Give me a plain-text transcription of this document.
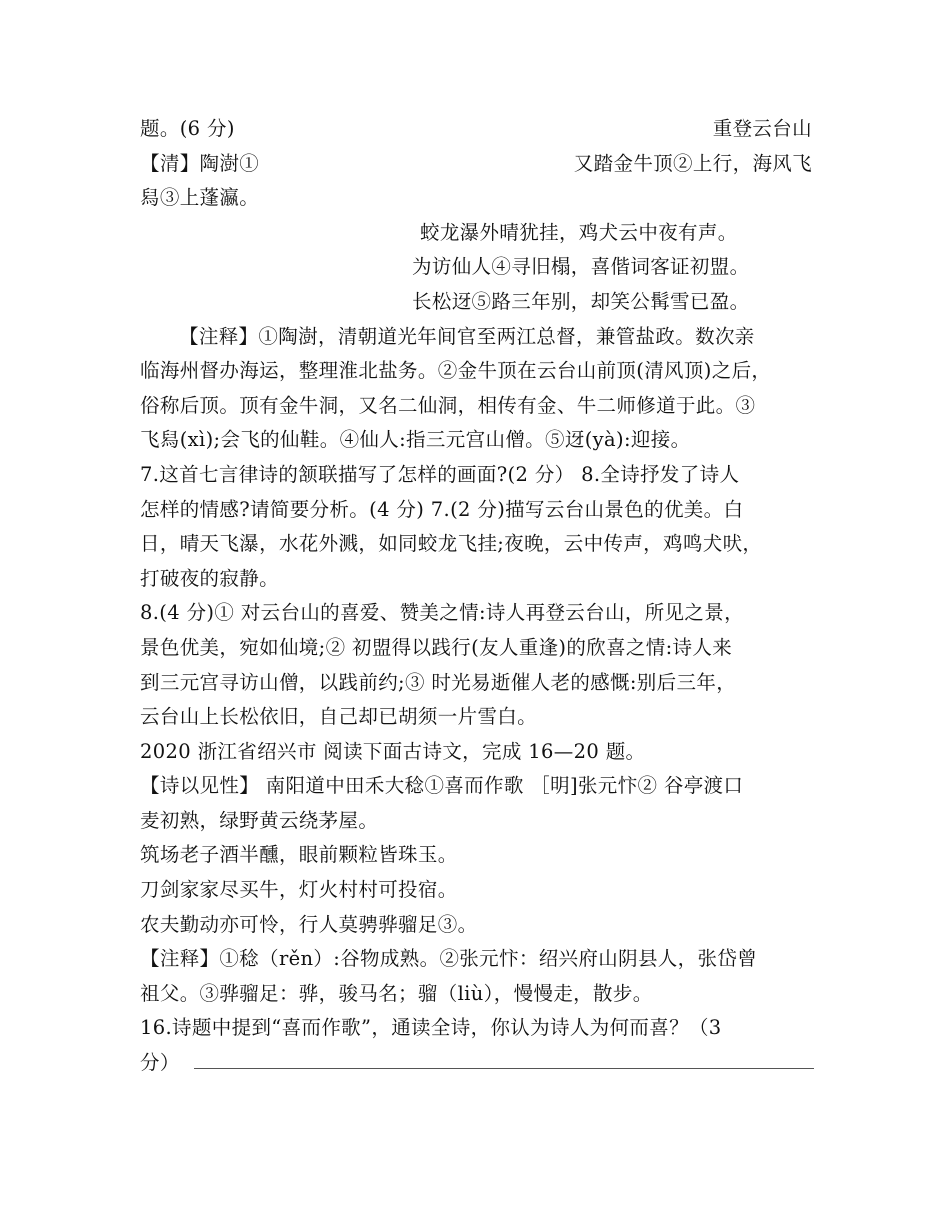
题。(6 分)	重登云台山
【清】陶澍①	又踏金牛顶②上行，海风飞
舄③上蓬瀛。
蛟龙瀑外晴犹挂，鸡犬云中夜有声。
为访仙人④寻旧榻，喜偕词客证初盟。
长松迓⑤路三年别，却笑公髯雪已盈。
【注释】①陶澍，清朝道光年间官至两江总督，兼管盐政。数次亲
临海州督办海运，整理淮北盐务。②金牛顶在云台山前顶(清风顶)之后，
俗称后顶。顶有金牛洞，又名二仙洞，相传有金、牛二师修道于此。③
飞舄(xì);会飞的仙鞋。④仙人:指三元宫山僧。⑤迓(yà):迎接。
7.这首七言律诗的颔联描写了怎样的画面?(2 分） 8.全诗抒发了诗人
怎样的情感?请简要分析。(4 分) 7.(2 分)描写云台山景色的优美。白
日，晴天飞瀑，水花外溅，如同蛟龙飞挂;夜晚，云中传声，鸡鸣犬吠，
打破夜的寂静。
8.(4 分)① 对云台山的喜爱、赞美之情:诗人再登云台山，所见之景，
景色优美，宛如仙境;② 初盟得以践行(友人重逢)的欣喜之情:诗人来
到三元宫寻访山僧，以践前约;③ 时光易逝催人老的感慨:别后三年，
云台山上长松依旧，自己却已胡须一片雪白。
2020 浙江省绍兴市 阅读下面古诗文，完成 16—20 题。
【诗以见性】 南阳道中田禾大稔①喜而作歌 ［明]张元忭② 谷亭渡口
麦初熟，绿野黄云绕茅屋。
筑场老子酒半醺，眼前颗粒皆珠玉。
刀剑家家尽买牛，灯火村村可投宿。
农夫勤动亦可怜，行人莫骋骅骝足③。
【注释】①稔（rěn）:谷物成熟。②张元忭：绍兴府山阴县人，张岱曾
祖父。③骅骝足：骅，骏马名；骝（liù），慢慢走，散步。
16.诗题中提到“喜而作歌”，通读全诗，你认为诗人为何而喜？（3
分）
